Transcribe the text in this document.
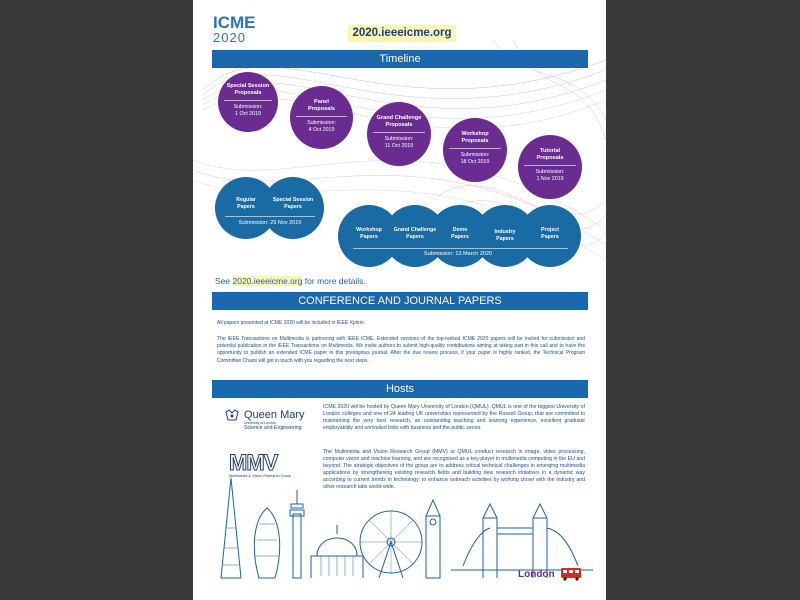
ICME
2020	2020.ieeeicme.org
Timeline
Special Session
Proposals
Submission:
1 Oct 2019
Panel
Proposals
Submission:
4 Oct 2019
Grand Challenge
Proposals
Submission:
11 Oct 2019
Workshop
Proposals
Submission:
18 Oct 2019
Tutorial
Proposals
Submission:
1 Nov 2019
Regular
Papers
Special Session
Papers
Submission: 29 Nov 2019
Workshop
Papers
Grand Challenge
Papers
Demo
Papers
Industry
Papers
Project
Papers
Submission: 13 March 2020
See 2020.ieeeicme.org for more details.
CONFERENCE AND JOURNAL PAPERS
All papers presented at ICME 2020 will be included in IEEE Xplore.
The IEEE Transactions on Multimedia is partnering with IEEE ICME. Extended versions of the top-ranked ICME 2020 papers will be invited for submission and potential publication in the IEEE Transactions on Multimedia. We invite authors to submit high-quality contributions aiming at taking part in this call and to have the opportunity to publish an extended ICME paper in this prestigious journal. After the due review process, if your paper is highly ranked, the Technical Program Committee Chairs will get in touch with you regarding the next steps.
Hosts
Queen Mary
University of London
Science and Engineering
MMV
Multimedia & Vision Research Group
ICME 2020 will be hosted by Queen Mary University of London (QMUL). QMUL is one of the biggest University of London colleges and one of 24 leading UK universities represented by the Russell Group, that are committed to maintaining the very best research, an outstanding teaching and learning experience, excellent graduate employability and unrivalled links with business and the public sector.
The Multimedia and Vision Research Group (MMV) at QMUL conduct research in image, video processing, computer vision and machine learning, and are recognised as a key-player in multimedia computing in the EU and beyond. The strategic objectives of the group are to address critical technical challenges in emerging multimedia applications by strengthening existing research fields and building new research initiatives in a dynamic way according to current trends in technology; to enhance outreach activities by working closer with the industry and other research labs world-wide.
London
